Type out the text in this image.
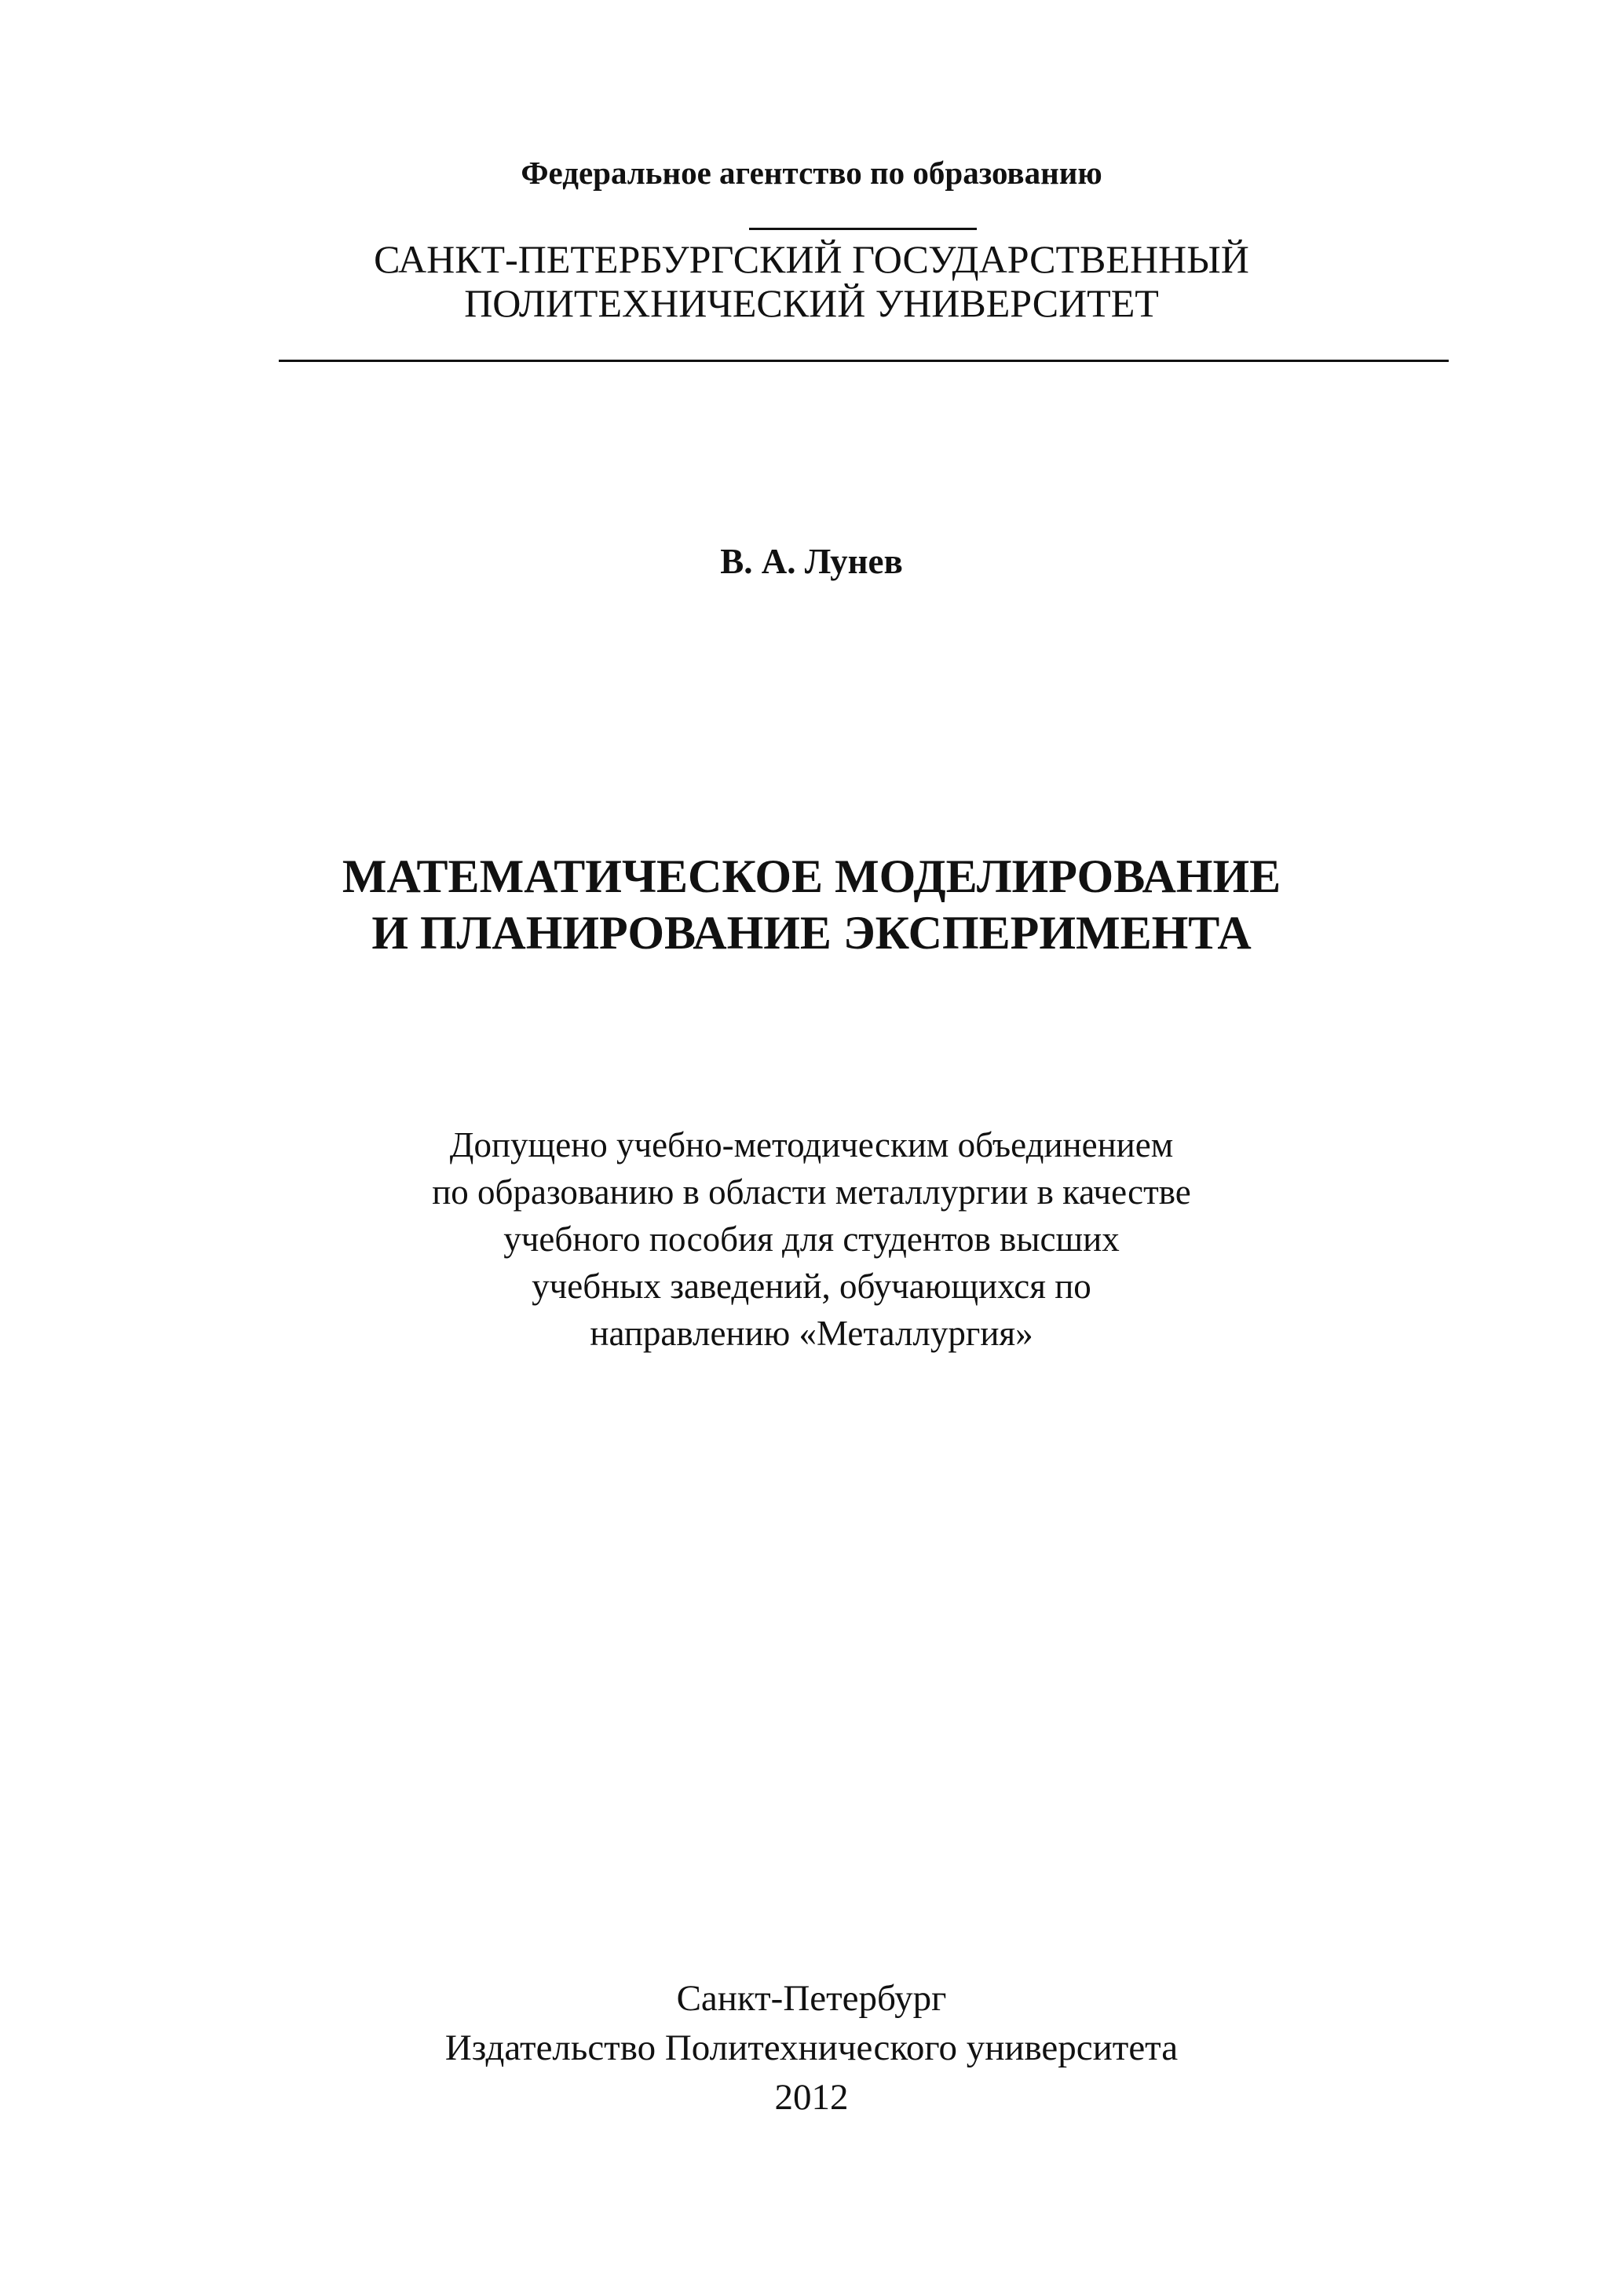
Федеральное агентство по образованию
САНКТ-ПЕТЕРБУРГСКИЙ ГОСУДАРСТВЕННЫЙ
ПОЛИТЕХНИЧЕСКИЙ УНИВЕРСИТЕТ
В. А. Лунев
МАТЕМАТИЧЕСКОЕ МОДЕЛИРОВАНИЕ
И ПЛАНИРОВАНИЕ ЭКСПЕРИМЕНТА
Допущено учебно-методическим объединением
по образованию в области металлургии в качестве
учебного пособия для студентов высших
учебных заведений, обучающихся по
направлению «Металлургия»
Санкт-Петербург
Издательство Политехнического университета
2012
